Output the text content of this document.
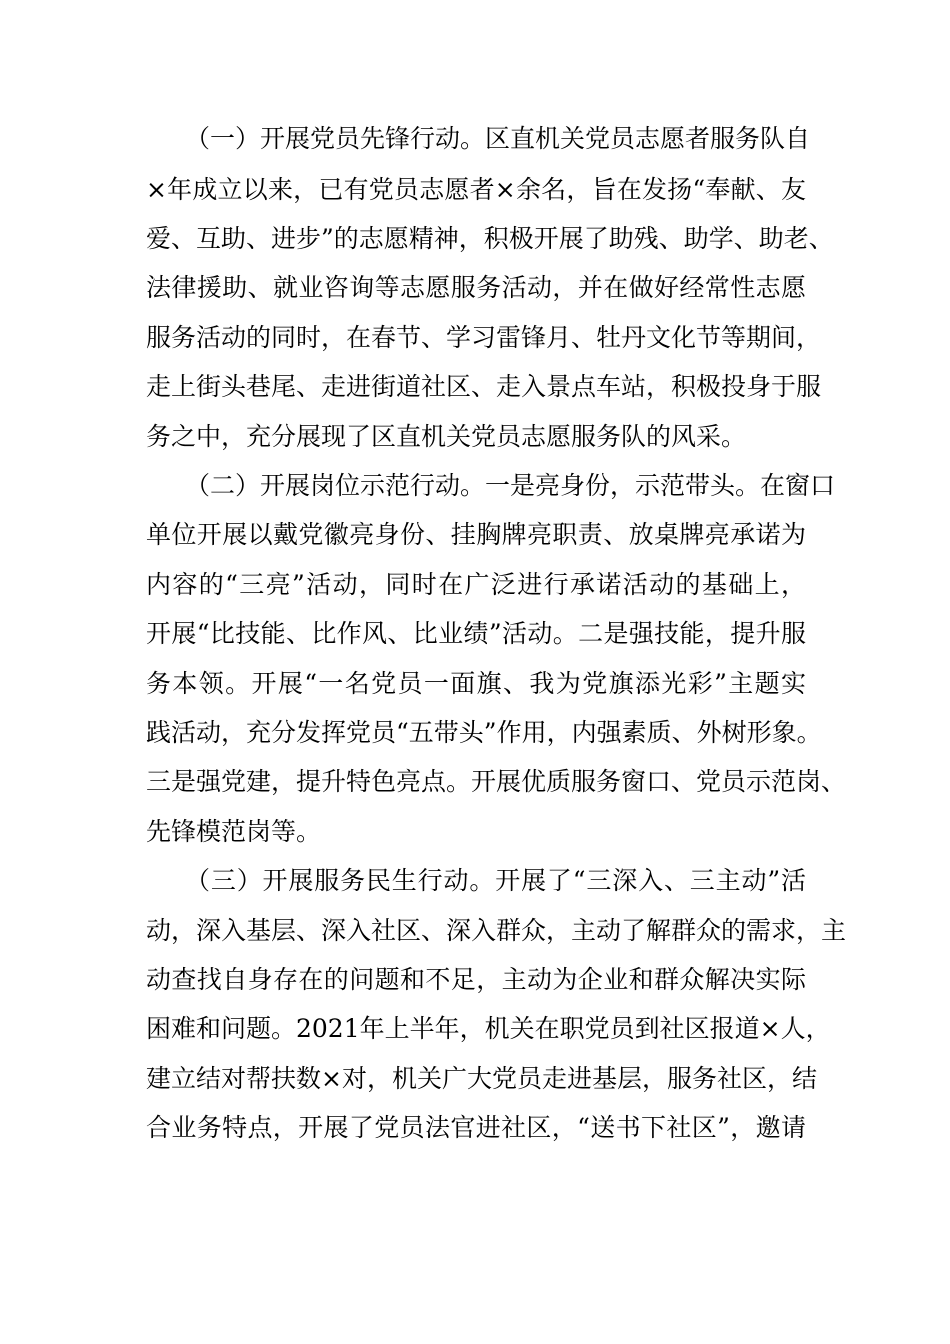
（一）开展党员先锋行动。区直机关党员志愿者服务队自
×年成立以来，已有党员志愿者×余名，旨在发扬“奉献、友
爱、互助、进步”的志愿精神，积极开展了助残、助学、助老、
法律援助、就业咨询等志愿服务活动，并在做好经常性志愿
服务活动的同时，在春节、学习雷锋月、牡丹文化节等期间，
走上街头巷尾、走进街道社区、走入景点车站，积极投身于服
务之中，充分展现了区直机关党员志愿服务队的风采。
（二）开展岗位示范行动。一是亮身份，示范带头。在窗口
单位开展以戴党徽亮身份、挂胸牌亮职责、放桌牌亮承诺为
内容的“三亮”活动，同时在广泛进行承诺活动的基础上，
开展“比技能、比作风、比业绩”活动。二是强技能，提升服
务本领。开展“一名党员一面旗、我为党旗添光彩”主题实
践活动，充分发挥党员“五带头”作用，内强素质、外树形象。
三是强党建，提升特色亮点。开展优质服务窗口、党员示范岗、
先锋模范岗等。
（三）开展服务民生行动。开展了“三深入、三主动”活
动，深入基层、深入社区、深入群众，主动了解群众的需求，主
动查找自身存在的问题和不足，主动为企业和群众解决实际
困难和问题。2021年上半年，机关在职党员到社区报道×人，
建立结对帮扶数×对，机关广大党员走进基层，服务社区，结
合业务特点，开展了党员法官进社区，“送书下社区”，邀请
